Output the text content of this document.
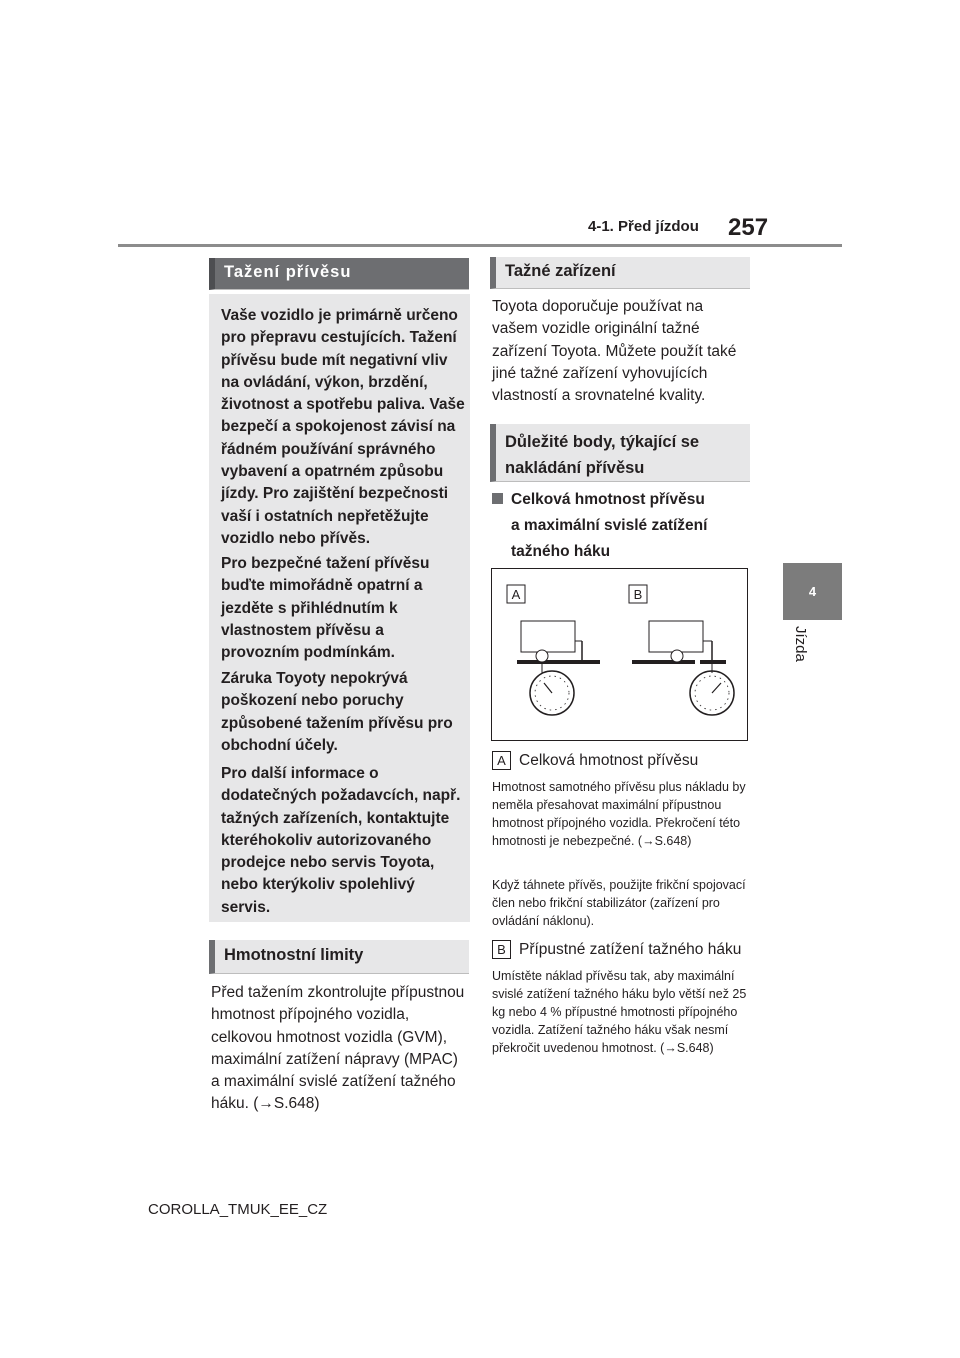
4-1. Před jízdou 257
4
Jízda
Tažení přívěsu

Vaše vozidlo je primárně určeno pro přepravu cestujících. Tažení přívěsu bude mít negativní vliv na ovládání, výkon, brzdění, životnost a spotřebu paliva. Vaše bezpečí a spokojenost závisí na řádném používání správného vybavení a opatrném způsobu jízdy. Pro zajištění bezpečnosti vaší i ostatních nepřetěžujte vozidlo nebo přívěs.

Pro bezpečné tažení přívěsu buďte mimořádně opatrní a jezděte s přihlédnutím k vlastnostem přívěsu a provozním podmínkám.

Záruka Toyoty nepokrývá poškození nebo poruchy způsobené tažením přívěsu pro obchodní účely.

Pro další informace o dodatečných požadavcích, např. tažných zařízeních, kontaktujte kteréhokoliv autorizovaného prodejce nebo servis Toyota, nebo kterýkoliv spolehlivý servis.

Hmotnostní limity

Před tažením zkontrolujte přípustnou hmotnost přípojného vozidla, celkovou hmotnost vozidla (GVM), maximální zatížení nápravy (MPAC) a maximální svislé zatížení tažného háku. (→S.648)

Tažné zařízení

Toyota doporučuje používat na vašem vozidle originální tažné zařízení Toyota. Můžete použít také jiné tažné zařízení vyhovujících vlastností a srovnatelné kvality.

Důležité body, týkající se nakládání přívěsu
Celková hmotnost přívěsu
a maximální svislé zatížení tažného háku
A	B
A Celková hmotnost přívěsu

Hmotnost samotného přívěsu plus nákladu by neměla přesahovat maximální přípustnou hmotnost přípojného vozidla. Překročení této hmotnosti je nebezpečné. (→S.648)

Když táhnete přívěs, použijte frikční spojovací člen nebo frikční stabilizátor (zařízení pro ovládání náklonu).

B Přípustné zatížení tažného háku

Umístěte náklad přívěsu tak, aby maximální svislé zatížení tažného háku bylo větší než 25 kg nebo 4 % přípustné hmotnosti přípojného vozidla. Zatížení tažného háku však nesmí překročit uvedenou hmotnost. (→S.648)

COROLLA_TMUK_EE_CZ
